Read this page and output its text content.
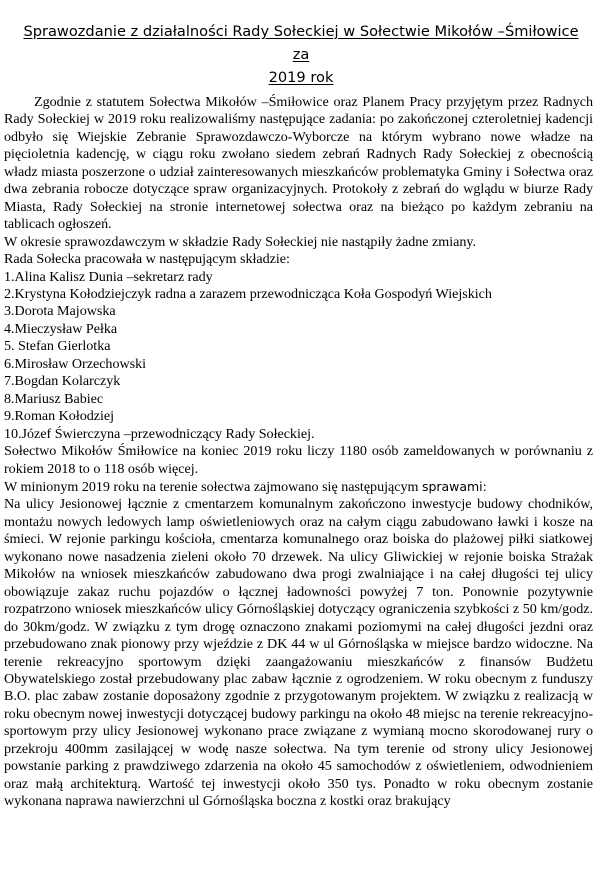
Sprawozdanie z działalności Rady Sołeckiej w Sołectwie Mikołów –Śmiłowice za
2019 rok

Zgodnie z statutem Sołectwa Mikołów –Śmiłowice oraz Planem Pracy przyjętym przez Radnych Rady Sołeckiej w 2019 roku realizowaliśmy następujące zadania: po zakończonej czteroletniej kadencji odbyło się Wiejskie Zebranie Sprawozdawczo-Wyborcze na którym wybrano nowe władze na pięcioletnia kadencję, w ciągu roku zwołano siedem zebrań Radnych Rady Sołeckiej z obecnością władz miasta poszerzone o udział zainteresowanych mieszkańców problematyka Gminy i Sołectwa oraz dwa zebrania robocze dotyczące spraw organizacyjnych. Protokoły z zebrań do wglądu w biurze Rady Miasta, Rady Sołeckiej na stronie internetowej sołectwa oraz na bieżąco po każdym zebraniu na tablicach ogłoszeń.

W okresie sprawozdawczym w składzie Rady Sołeckiej nie nastąpiły żadne zmiany.

Rada Sołecka pracowała w następującym składzie:

1.Alina Kalisz Dunia –sekretarz rady

2.Krystyna Kołodziejczyk radna a zarazem przewodnicząca Koła Gospodyń Wiejskich

3.Dorota Majowska

4.Mieczysław Pełka

5. Stefan Gierlotka

6.Mirosław Orzechowski

7.Bogdan Kolarczyk

8.Mariusz Babiec

9.Roman Kołodziej

10.Józef Świerczyna –przewodniczący Rady Sołeckiej.

Sołectwo Mikołów Śmiłowice na koniec 2019 roku liczy 1180 osób zameldowanych w porównaniu z rokiem 2018 to o 118 osób więcej.

W minionym 2019 roku na terenie sołectwa zajmowano się następującym sprawami:

Na ulicy Jesionowej łącznie z cmentarzem komunalnym zakończono inwestycje budowy chodników, montażu nowych ledowych lamp oświetleniowych oraz na całym ciągu zabudowano ławki i kosze na śmieci. W rejonie parkingu kościoła, cmentarza komunalnego oraz boiska do plażowej piłki siatkowej wykonano nowe nasadzenia zieleni około 70 drzewek. Na ulicy Gliwickiej w rejonie boiska Strażak Mikołów na wniosek mieszkańców zabudowano dwa progi zwalniające i na całej długości tej ulicy obowiązuje zakaz ruchu pojazdów o łącznej ładowności powyżej 7 ton. Ponownie pozytywnie rozpatrzono wniosek mieszkańców ulicy Górnośląskiej dotyczący ograniczenia szybkości z 50 km/godz. do 30km/godz. W związku z tym drogę oznaczono znakami poziomymi na całej długości jezdni oraz przebudowano znak pionowy przy wjeździe z DK 44 w ul Górnośląska w miejsce bardzo widoczne. Na terenie rekreacyjno sportowym dzięki zaangażowaniu mieszkańców z finansów Budżetu Obywatelskiego został przebudowany plac zabaw łącznie z ogrodzeniem. W roku obecnym z funduszy B.O. plac zabaw zostanie doposażony zgodnie z przygotowanym projektem. W związku z realizacją w roku obecnym nowej inwestycji dotyczącej budowy parkingu na około 48 miejsc na terenie rekreacyjno-sportowym przy ulicy Jesionowej wykonano prace związane z wymianą mocno skorodowanej rury o przekroju 400mm zasilającej w wodę nasze sołectwa. Na tym terenie od strony ulicy Jesionowej powstanie parking z prawdziwego zdarzenia na około 45 samochodów z oświetleniem, odwodnieniem oraz małą architekturą. Wartość tej inwestycji około 350 tys. Ponadto w roku obecnym zostanie wykonana naprawa nawierzchni ul Górnośląska boczna z kostki oraz brakujący
